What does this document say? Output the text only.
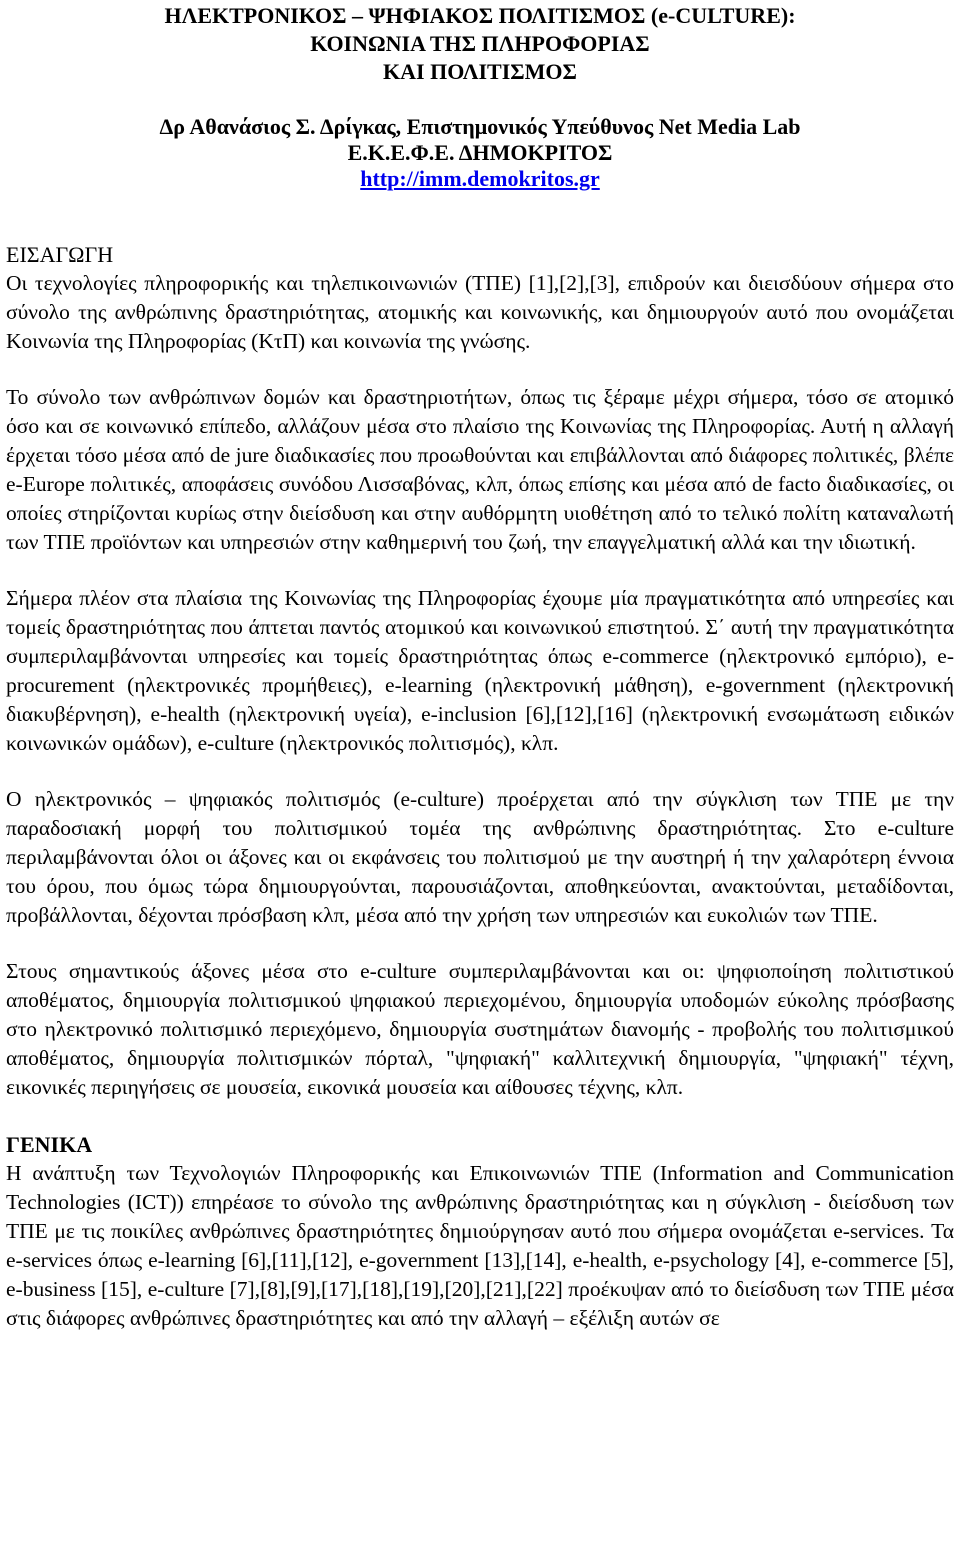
ΗΛΕΚΤΡΟΝΙΚΟΣ – ΨΗΦΙΑΚΟΣ ΠΟΛΙΤΙΣΜΟΣ (e-CULTURE):
ΚΟΙΝΩΝΙΑ ΤΗΣ ΠΛΗΡΟΦΟΡΙΑΣ
ΚΑΙ ΠΟΛΙΤΙΣΜΟΣ
Δρ Αθανάσιος Σ. Δρίγκας, Επιστημονικός Υπεύθυνος Net Media Lab
Ε.Κ.Ε.Φ.Ε. ΔΗΜΟΚΡΙΤΟΣ
http://imm.demokritos.gr
ΕΙΣΑΓΩΓΗ

Οι τεχνολογίες πληροφορικής και τηλεπικοινωνιών (ΤΠΕ) [1],[2],[3], επιδρούν και διεισδύουν σήμερα στο σύνολο της ανθρώπινης δραστηριότητας, ατομικής και κοινωνικής, και δημιουργούν αυτό που ονομάζεται Κοινωνία της Πληροφορίας (ΚτΠ) και κοινωνία της γνώσης.

Το σύνολο των ανθρώπινων δομών και δραστηριοτήτων, όπως τις ξέραμε μέχρι σήμερα, τόσο σε ατομικό όσο και σε κοινωνικό επίπεδο, αλλάζουν μέσα στο πλαίσιο της Κοινωνίας της Πληροφορίας. Αυτή η αλλαγή έρχεται τόσο μέσα από de jure διαδικασίες που προωθούνται και επιβάλλονται από διάφορες πολιτικές, βλέπε e-Europe πολιτικές, αποφάσεις συνόδου Λισσαβόνας, κλπ, όπως επίσης και μέσα από de facto διαδικασίες, οι οποίες στηρίζονται κυρίως στην διείσδυση και στην αυθόρμητη υιοθέτηση από το τελικό πολίτη καταναλωτή των ΤΠΕ προϊόντων και υπηρεσιών στην καθημερινή του ζωή, την επαγγελματική αλλά και την ιδιωτική.

Σήμερα πλέον στα πλαίσια της Κοινωνίας της Πληροφορίας έχουμε μία πραγματικότητα από υπηρεσίες και τομείς δραστηριότητας που άπτεται παντός ατομικού και κοινωνικού επιστητού. Σ΄ αυτή την πραγματικότητα συμπεριλαμβάνονται υπηρεσίες και τομείς δραστηριότητας όπως e-commerce (ηλεκτρονικό εμπόριο), e-procurement (ηλεκτρονικές προμήθειες), e-learning (ηλεκτρονική μάθηση), e-government (ηλεκτρονική διακυβέρνηση), e-health (ηλεκτρονική υγεία), e-inclusion [6],[12],[16] (ηλεκτρονική ενσωμάτωση ειδικών κοινωνικών ομάδων), e-culture (ηλεκτρονικός πολιτισμός), κλπ.

Ο ηλεκτρονικός – ψηφιακός πολιτισμός (e-culture) προέρχεται από την σύγκλιση των ΤΠΕ με την παραδοσιακή μορφή του πολιτισμικού τομέα της ανθρώπινης δραστηριότητας. Στο e-culture περιλαμβάνονται όλοι οι άξονες και οι εκφάνσεις του πολιτισμού με την αυστηρή ή την χαλαρότερη έννοια του όρου, που όμως τώρα δημιουργούνται, παρουσιάζονται, αποθηκεύονται, ανακτούνται, μεταδίδονται, προβάλλονται, δέχονται πρόσβαση κλπ, μέσα από την χρήση των υπηρεσιών και ευκολιών των ΤΠΕ.

Στους σημαντικούς άξονες μέσα στο e-culture συμπεριλαμβάνονται και οι: ψηφιοποίηση πολιτιστικού αποθέματος, δημιουργία πολιτισμικού ψηφιακού περιεχομένου, δημιουργία υποδομών εύκολης πρόσβασης στο ηλεκτρονικό πολιτισμικό περιεχόμενο, δημιουργία συστημάτων διανομής - προβολής του πολιτισμικού αποθέματος, δημιουργία πολιτισμικών πόρταλ, "ψηφιακή" καλλιτεχνική δημιουργία, "ψηφιακή" τέχνη, εικονικές περιηγήσεις σε μουσεία, εικονικά μουσεία και αίθουσες τέχνης, κλπ.

ΓΕΝΙΚΑ

Η ανάπτυξη των Τεχνολογιών Πληροφορικής και Επικοινωνιών ΤΠΕ (Information and Communication Technologies (ICT)) επηρέασε το σύνολο της ανθρώπινης δραστηριότητας και η σύγκλιση - διείσδυση των ΤΠΕ με τις ποικίλες ανθρώπινες δραστηριότητες δημιούργησαν αυτό που σήμερα ονομάζεται e-services. Τα e-services όπως e-learning [6],[11],[12], e-government [13],[14], e-health, e-psychology [4], e-commerce [5], e-business [15], e-culture [7],[8],[9],[17],[18],[19],[20],[21],[22] προέκυψαν από το διείσδυση των ΤΠΕ μέσα στις διάφορες ανθρώπινες δραστηριότητες και από την αλλαγή – εξέλιξη αυτών σε
